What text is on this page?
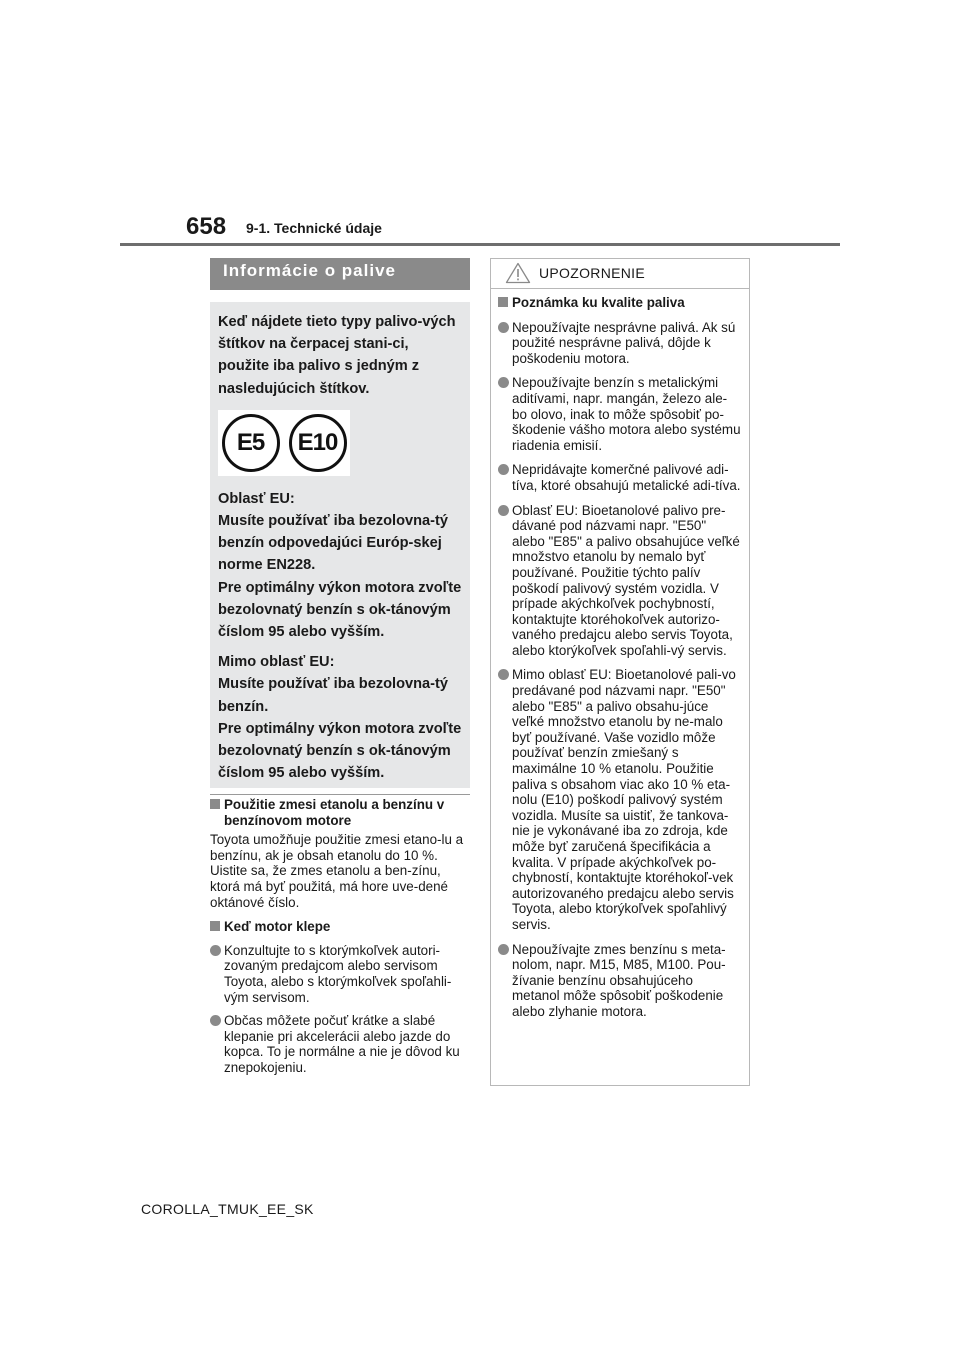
658 9-1. Technické údaje
Informácie o palive

Keď nájdete tieto typy palivo-vých štítkov na čerpacej stani-ci, použite iba palivo s jedným z nasledujúcich štítkov.

E5	E10

Oblasť EU:

Musíte používať iba bezolovna-tý benzín odpovedajúci Európ-skej norme EN228.

Pre optimálny výkon motora zvoľte bezolovnatý benzín s ok-tánovým číslom 95 alebo vyšším.

Mimo oblasť EU:

Musíte používať iba bezolovna-tý benzín.

Pre optimálny výkon motora zvoľte bezolovnatý benzín s ok-tánovým číslom 95 alebo vyšším.

Použitie zmesi etanolu a benzínu v benzínovom motore

Toyota umožňuje použitie zmesi etano-lu a benzínu, ak je obsah etanolu do 10 %. Uistite sa, že zmes etanolu a ben-zínu, ktorá má byť použitá, má hore uve-dené oktánové číslo.

Keď motor klepe
Konzultujte to s ktorýmkoľvek autori-zovaným predajcom alebo servisom Toyota, alebo s ktorýmkoľvek spoľahli-vým servisom.
Občas môžete počuť krátke a slabé klepanie pri akcelerácii alebo jazde do kopca. To je normálne a nie je dôvod ku znepokojeniu.
UPOZORNENIE
Poznámka ku kvalite paliva
Nepoužívajte nesprávne palivá. Ak sú použité nesprávne palivá, dôjde k poškodeniu motora.
Nepoužívajte benzín s metalickými aditívami, napr. mangán, železo ale-bo olovo, inak to môže spôsobiť po-škodenie vášho motora alebo systému riadenia emisií.
Nepridávajte komerčné palivové adi-tíva, ktoré obsahujú metalické adi-tíva.
Oblasť EU: Bioetanolové palivo pre-dávané pod názvami napr. "E50" alebo "E85" a palivo obsahujúce veľké množstvo etanolu by nemalo byť používané. Použitie týchto palív poškodí palivový systém vozidla. V prípade akýchkoľvek pochybností, kontaktujte ktoréhokoľvek autorizo-vaného predajcu alebo servis Toyota, alebo ktorýkoľvek spoľahli-vý servis.
Mimo oblasť EU: Bioetanolové pali-vo predávané pod názvami napr. "E50" alebo "E85" a palivo obsahu-júce veľké množstvo etanolu by ne-malo byť používané. Vaše vozidlo môže používať benzín zmiešaný s maximálne 10 % etanolu. Použitie paliva s obsahom viac ako 10 % eta-nolu (E10) poškodí palivový systém vozidla. Musíte sa uistiť, že tankova-nie je vykonávané iba zo zdroja, kde môže byť zaručená špecifikácia a kvalita. V prípade akýchkoľvek po-chybností, kontaktujte ktoréhokoľ-vek autorizovaného predajcu alebo servis Toyota, alebo ktorýkoľvek spoľahlivý servis.
Nepoužívajte zmes benzínu s meta-nolom, napr. M15, M85, M100. Pou-žívanie benzínu obsahujúceho metanol môže spôsobiť poškodenie alebo zlyhanie motora.
COROLLA_TMUK_EE_SK
